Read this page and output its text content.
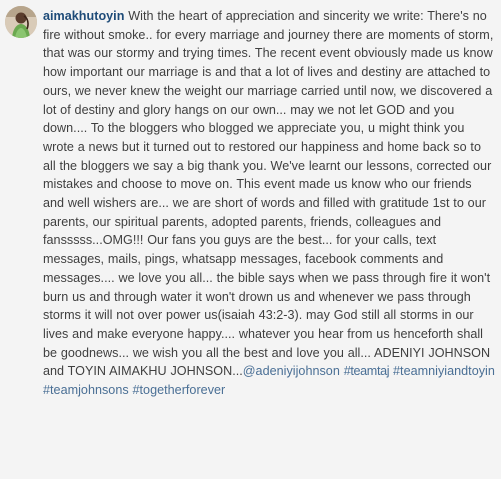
aimakhutoyin With the heart of appreciation and sincerity we write: There's no fire without smoke.. for every marriage and journey there are moments of storm, that was our stormy and trying times. The recent event obviously made us know how important our marriage is and that a lot of lives and destiny are attached to ours, we never knew the weight our marriage carried until now, we discovered a lot of destiny and glory hangs on our own... may we not let GOD and you down.... To the bloggers who blogged we appreciate you, u might think you wrote a news but it turned out to restored our happiness and home back so to all the bloggers we say a big thank you. We've learnt our lessons, corrected our mistakes and choose to move on. This event made us know who our friends and well wishers are... we are short of words and filled with gratitude 1st to our parents, our spiritual parents, adopted parents, friends, colleagues and fansssss...OMG!!! Our fans you guys are the best... for your calls, text messages, mails, pings, whatsapp messages, facebook comments and messages.... we love you all... the bible says when we pass through fire it won't burn us and through water it won't drown us and whenever we pass through storms it will not over power us(isaiah 43:2-3). may God still all storms in our lives and make everyone happy.... whatever you hear from us henceforth shall be goodnews... we wish you all the best and love you all... ADENIYI JOHNSON and TOYIN AIMAKHU JOHNSON...@adeniyijohnson #teamtaj #teamniyiandtoyin #teamjohnsons #togetherforever
